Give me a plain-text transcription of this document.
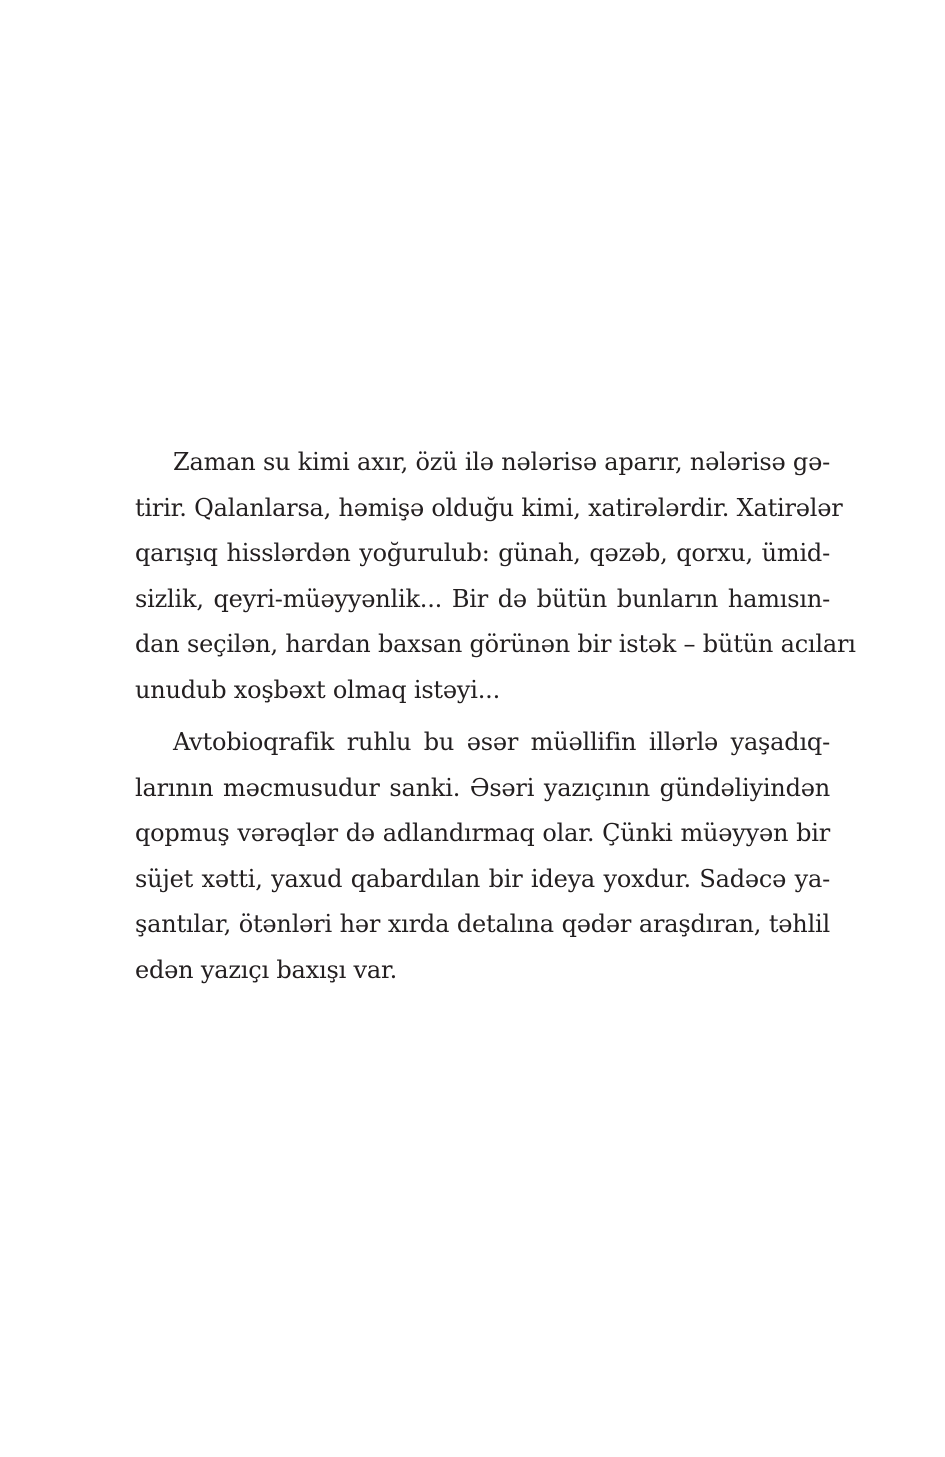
Zaman su kimi axır, özü ilə nələrisə aparır, nələrisə gə-
tirir. Qalanlarsa, həmişə olduğu kimi, xatirələrdir. Xatirələr
qarışıq hisslərdən yoğurulub: günah, qəzəb, qorxu, ümid-
sizlik, qeyri-müəyyənlik... Bir də bütün bunların hamısın-
dan seçilən, hardan baxsan görünən bir istək – bütün acıları
unudub xoşbəxt olmaq istəyi...
Avtobioqrafik ruhlu bu əsər müəllifin illərlə yaşadıq-
larının məcmusudur sanki. Əsəri yazıçının gündəliyindən
qopmuş vərəqlər də adlandırmaq olar. Çünki müəyyən bir
süjet xətti, yaxud qabardılan bir ideya yoxdur. Sadəcə ya-
şantılar, ötənləri hər xırda detalına qədər araşdıran, təhlil
edən yazıçı baxışı var.
